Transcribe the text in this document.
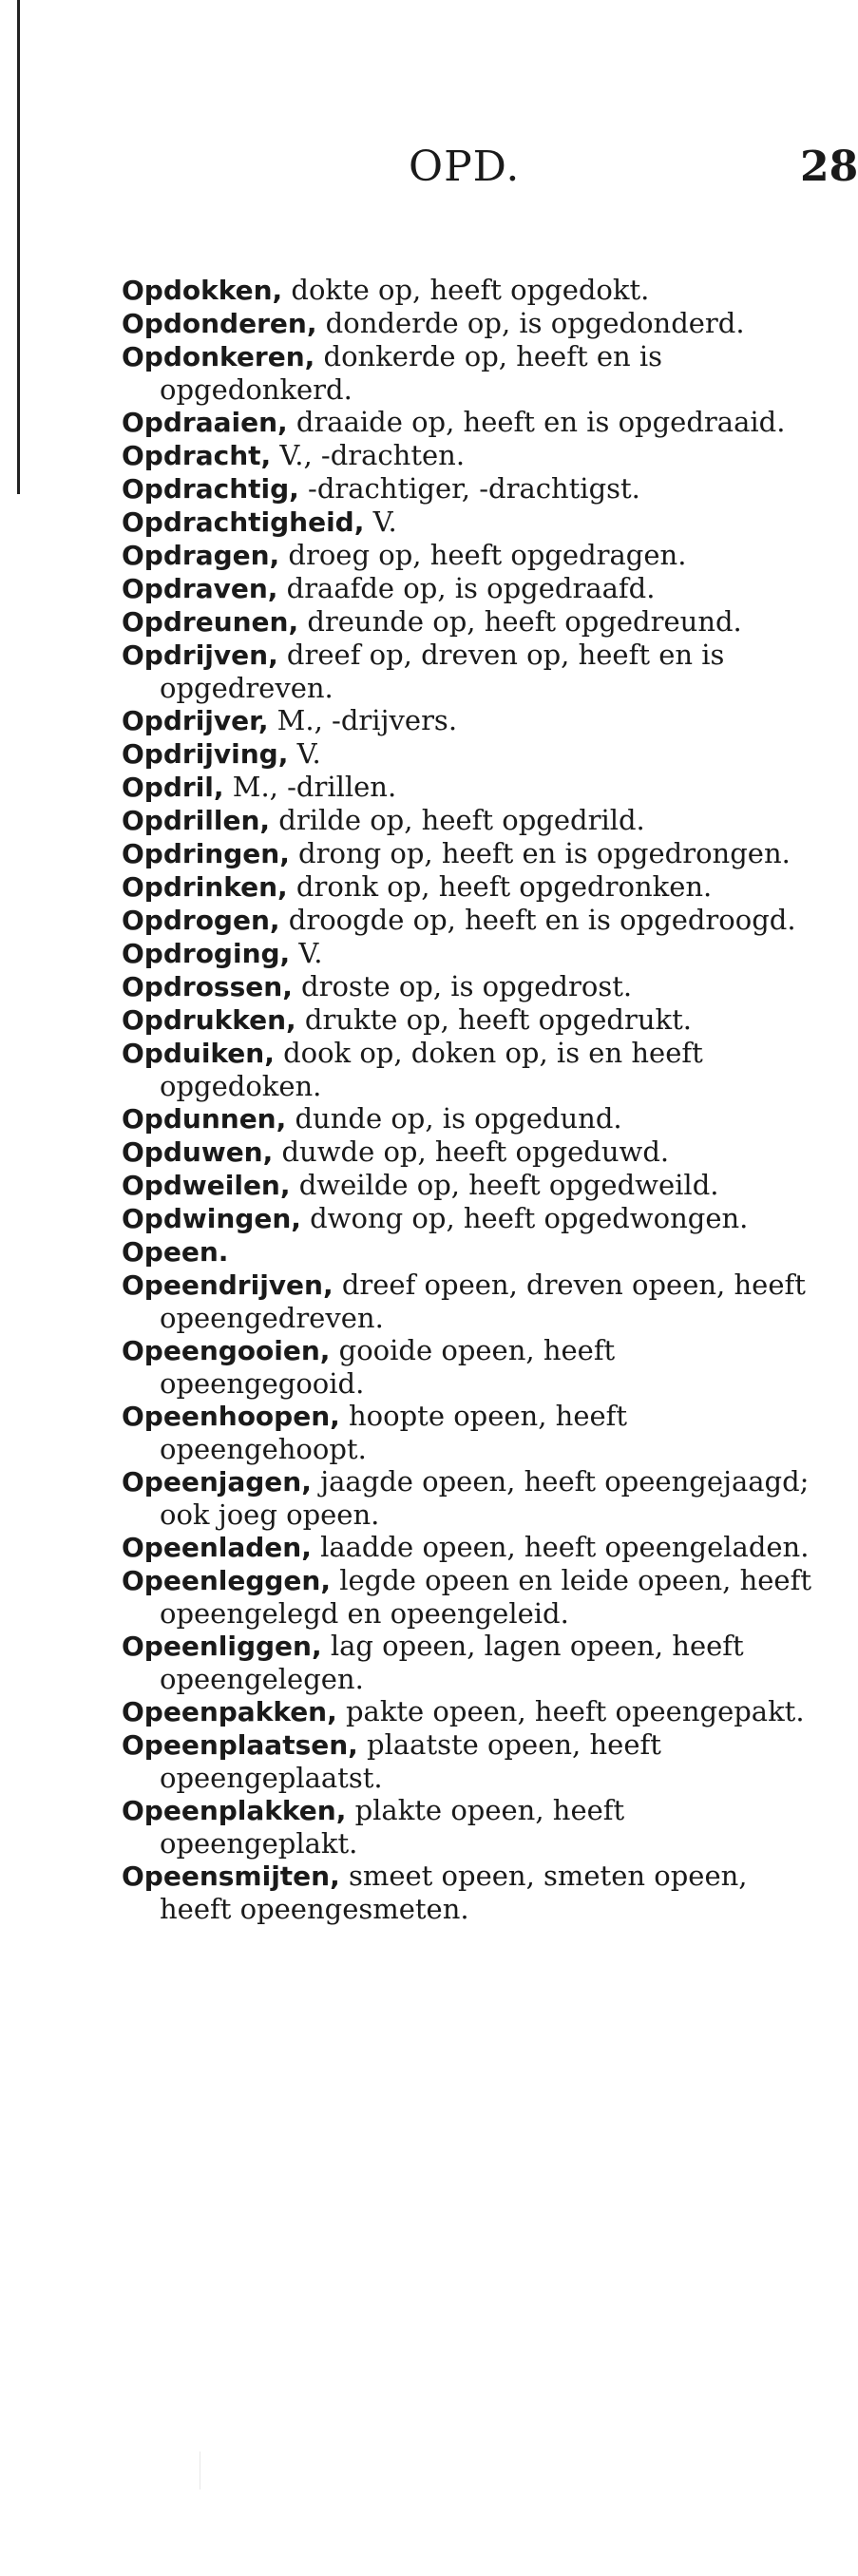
OPD.	28
Opdokken, dokte op, heeft opgedokt.
Opdonderen, donderde op, is opgedonderd.
Opdonkeren, donkerde op, heeft en is opgedonkerd.
Opdraaien, draaide op, heeft en is opgedraaid.
Opdracht, V., -drachten.
Opdrachtig, -drachtiger, -drachtigst.
Opdrachtigheid, V.
Opdragen, droeg op, heeft opgedragen.
Opdraven, draafde op, is opgedraafd.
Opdreunen, dreunde op, heeft opgedreund.
Opdrijven, dreef op, dreven op, heeft en is opgedreven.
Opdrijver, M., -drijvers.
Opdrijving, V.
Opdril, M., -drillen.
Opdrillen, drilde op, heeft opgedrild.
Opdringen, drong op, heeft en is opgedrongen.
Opdrinken, dronk op, heeft opgedronken.
Opdrogen, droogde op, heeft en is opgedroogd.
Opdroging, V.
Opdrossen, droste op, is opgedrost.
Opdrukken, drukte op, heeft opgedrukt.
Opduiken, dook op, doken op, is en heeft opgedoken.
Opdunnen, dunde op, is opgedund.
Opduwen, duwde op, heeft opgeduwd.
Opdweilen, dweilde op, heeft opgedweild.
Opdwingen, dwong op, heeft opgedwongen.
Opeen.
Opeendrijven, dreef opeen, dreven opeen, heeft opeengedreven.
Opeengooien, gooide opeen, heeft opeengegooid.
Opeenhoopen, hoopte opeen, heeft opeengehoopt.
Opeenjagen, jaagde opeen, heeft opeengejaagd; ook joeg opeen.
Opeenladen, laadde opeen, heeft opeengeladen.
Opeenleggen, legde opeen en leide opeen, heeft opeengelegd en opeengeleid.
Opeenliggen, lag opeen, lagen opeen, heeft opeengelegen.
Opeenpakken, pakte opeen, heeft opeengepakt.
Opeenplaatsen, plaatste opeen, heeft opeengeplaatst.
Opeenplakken, plakte opeen, heeft opeengeplakt.
Opeensmijten, smeet opeen, smeten opeen, heeft opeengesmeten.
